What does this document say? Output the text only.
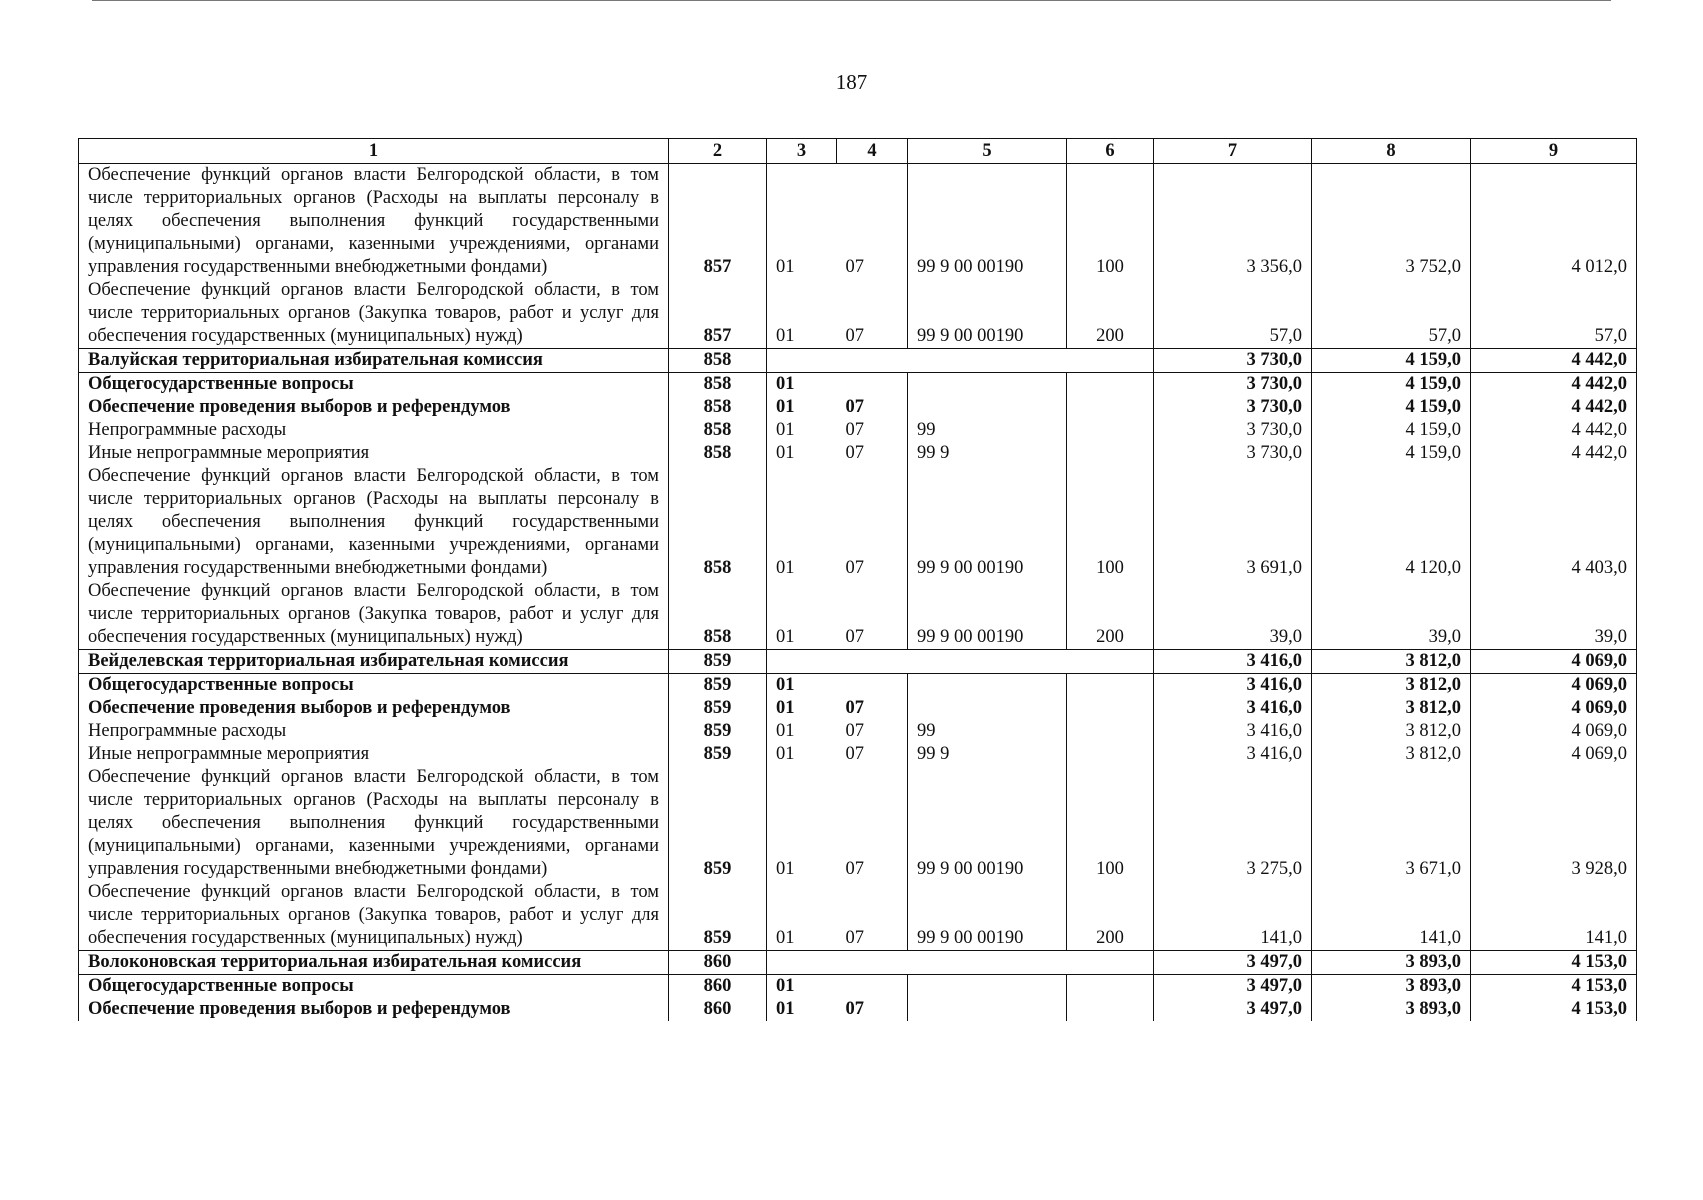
187
1	2	3	4	5	6	7	8	9
Обеспечение функций органов власти Белгородской области, в том числе территориальных органов (Расходы на выплаты персоналу в целях обеспечения выполнения функций государственными (муниципальными) органами, казенными учреждениями, органами управления государственными внебюджетными фондами)	857	01	07	99 9 00 00190	100	3 356,0	3 752,0	4 012,0
Обеспечение функций органов власти Белгородской области, в том числе территориальных органов (Закупка товаров, работ и услуг для обеспечения государственных (муниципальных) нужд)	857	01	07	99 9 00 00190	200	57,0	57,0	57,0
Валуйская территориальная избирательная комиссия	858					3 730,0	4 159,0	4 442,0
Общегосударственные вопросы	858	01				3 730,0	4 159,0	4 442,0
Обеспечение проведения выборов и референдумов	858	01	07			3 730,0	4 159,0	4 442,0
Непрограммные расходы	858	01	07	99		3 730,0	4 159,0	4 442,0
Иные непрограммные мероприятия	858	01	07	99 9		3 730,0	4 159,0	4 442,0
Обеспечение функций органов власти Белгородской области, в том числе территориальных органов (Расходы на выплаты персоналу в целях обеспечения выполнения функций государственными (муниципальными) органами, казенными учреждениями, органами управления государственными внебюджетными фондами)	858	01	07	99 9 00 00190	100	3 691,0	4 120,0	4 403,0
Обеспечение функций органов власти Белгородской области, в том числе территориальных органов (Закупка товаров, работ и услуг для обеспечения государственных (муниципальных) нужд)	858	01	07	99 9 00 00190	200	39,0	39,0	39,0
Вейделевская территориальная избирательная комиссия	859					3 416,0	3 812,0	4 069,0
Общегосударственные вопросы	859	01				3 416,0	3 812,0	4 069,0
Обеспечение проведения выборов и референдумов	859	01	07			3 416,0	3 812,0	4 069,0
Непрограммные расходы	859	01	07	99		3 416,0	3 812,0	4 069,0
Иные непрограммные мероприятия	859	01	07	99 9		3 416,0	3 812,0	4 069,0
Обеспечение функций органов власти Белгородской области, в том числе территориальных органов (Расходы на выплаты персоналу в целях обеспечения выполнения функций государственными (муниципальными) органами, казенными учреждениями, органами управления государственными внебюджетными фондами)	859	01	07	99 9 00 00190	100	3 275,0	3 671,0	3 928,0
Обеспечение функций органов власти Белгородской области, в том числе территориальных органов (Закупка товаров, работ и услуг для обеспечения государственных (муниципальных) нужд)	859	01	07	99 9 00 00190	200	141,0	141,0	141,0
Волоконовская территориальная избирательная комиссия	860					3 497,0	3 893,0	4 153,0
Общегосударственные вопросы	860	01				3 497,0	3 893,0	4 153,0
Обеспечение проведения выборов и референдумов	860	01	07			3 497,0	3 893,0	4 153,0
